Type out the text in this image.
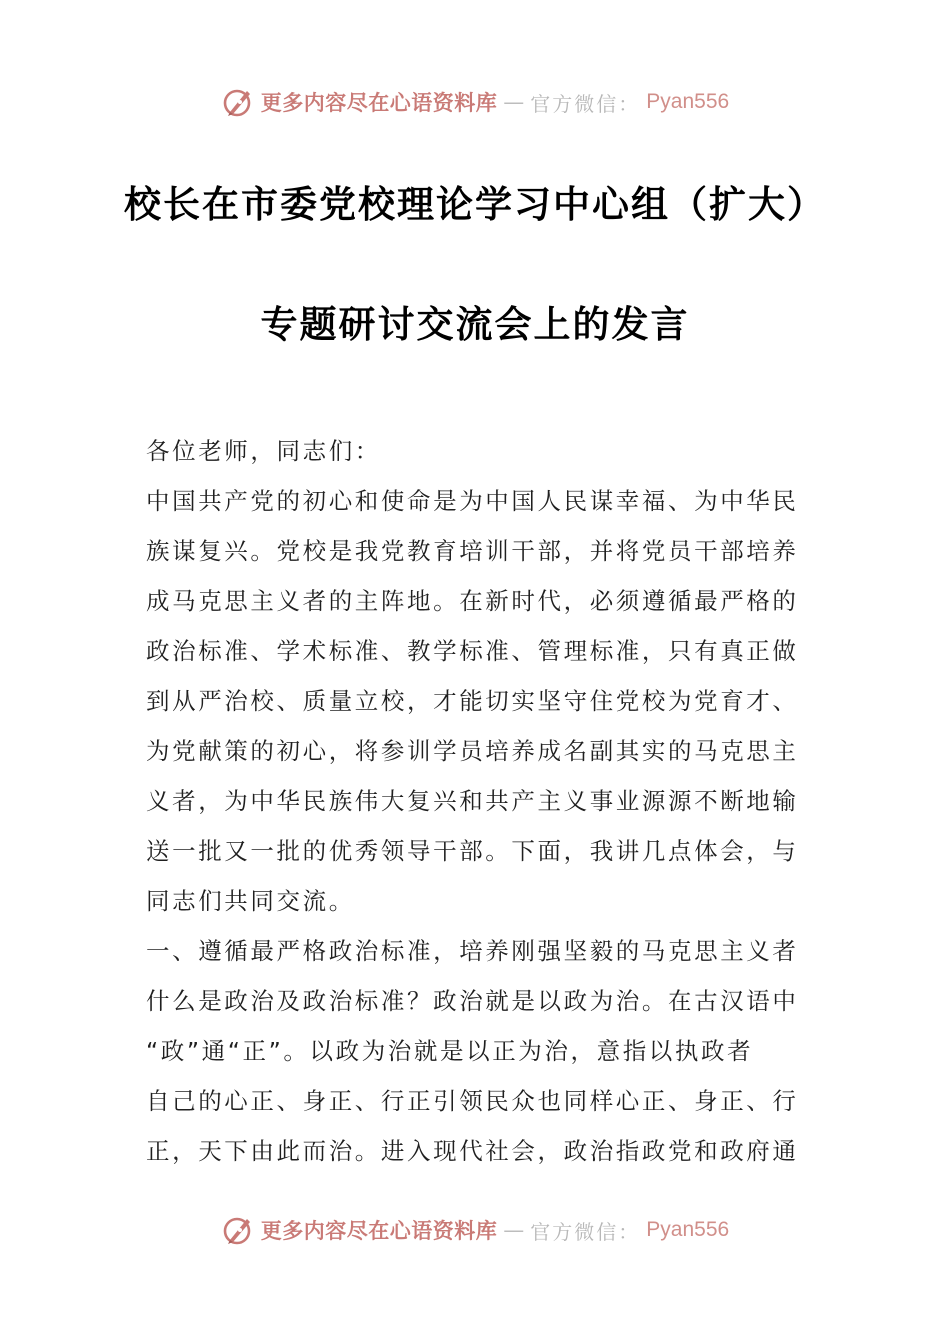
更多内容尽在心语资料库 — 官方微信： Pyan556
校长在市委党校理论学习中心组（扩大）
专题研讨交流会上的发言
各位老师，同志们：
中国共产党的初心和使命是为中国人民谋幸福、为中华民
族谋复兴。党校是我党教育培训干部，并将党员干部培养
成马克思主义者的主阵地。在新时代，必须遵循最严格的
政治标准、学术标准、教学标准、管理标准，只有真正做
到从严治校、质量立校，才能切实坚守住党校为党育才、
为党献策的初心，将参训学员培养成名副其实的马克思主
义者，为中华民族伟大复兴和共产主义事业源源不断地输
送一批又一批的优秀领导干部。下面，我讲几点体会，与
同志们共同交流。
一、遵循最严格政治标准，培养刚强坚毅的马克思主义者
什么是政治及政治标准？政治就是以政为治。在古汉语中
“政”通“正”。以政为治就是以正为治，意指以执政者
自己的心正、身正、行正引领民众也同样心正、身正、行
正，天下由此而治。进入现代社会，政治指政党和政府通
更多内容尽在心语资料库 — 官方微信： Pyan556
